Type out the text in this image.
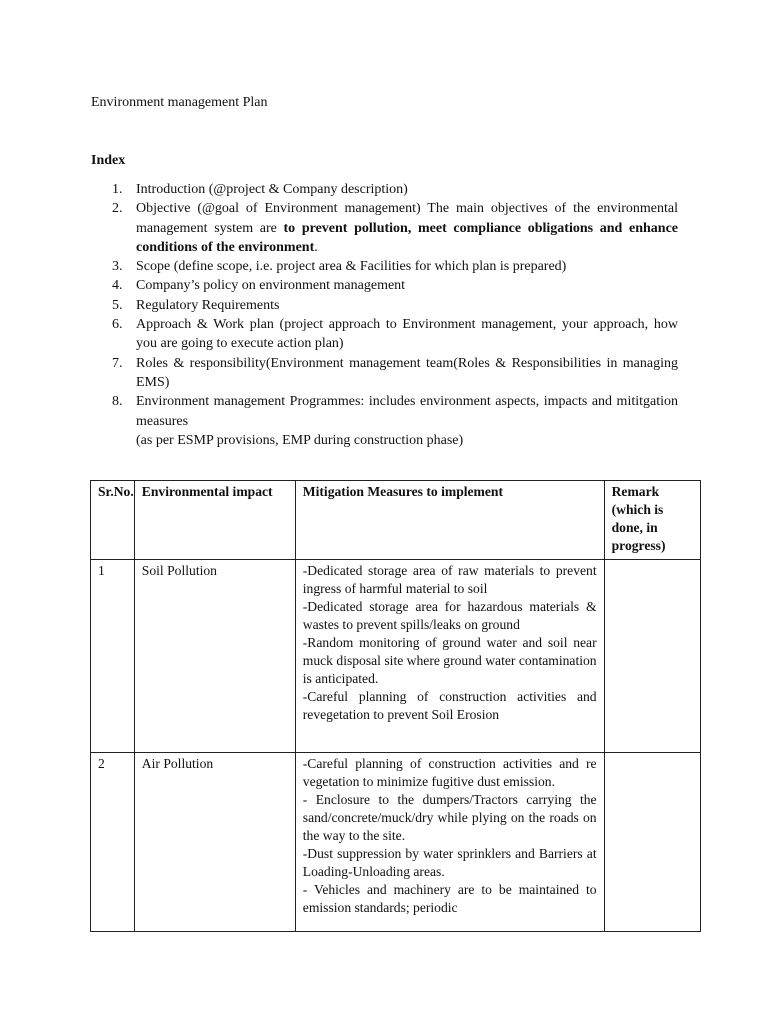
Environment management Plan
Index
1. Introduction (@project & Company description)
2. Objective (@goal of Environment management) The main objectives of the environmental management system are to prevent pollution, meet compliance obligations and enhance conditions of the environment.
3. Scope (define scope, i.e. project area & Facilities for which plan is prepared)
4. Company’s policy on environment management
5. Regulatory Requirements
6. Approach & Work plan (project approach to Environment management, your approach, how you are going to execute action plan)
7. Roles & responsibility(Environment management team(Roles & Responsibilities in managing EMS)
8. Environment management Programmes: includes environment aspects, impacts and mititgation measures
(as per ESMP provisions, EMP during construction phase)
Sr.No.	Environmental impact	Mitigation Measures to implement	Remark (which is done, in progress)
1	Soil Pollution	-Dedicated storage area of raw materials to prevent ingress of harmful material to soil

-Dedicated storage area for hazardous materials & wastes to prevent spills/leaks on ground

-Random monitoring of ground water and soil near muck disposal site where ground water contamination is anticipated.

-Careful planning of construction activities and revegetation to prevent Soil Erosion	

2	Air Pollution	-Careful planning of construction activities and re vegetation to minimize fugitive dust emission.

- Enclosure to the dumpers/Tractors carrying the sand/concrete/muck/dry while plying on the roads on the way to the site.

-Dust suppression by water sprinklers and Barriers at Loading-Unloading areas.

- Vehicles and machinery are to be maintained to emission standards; periodic	
